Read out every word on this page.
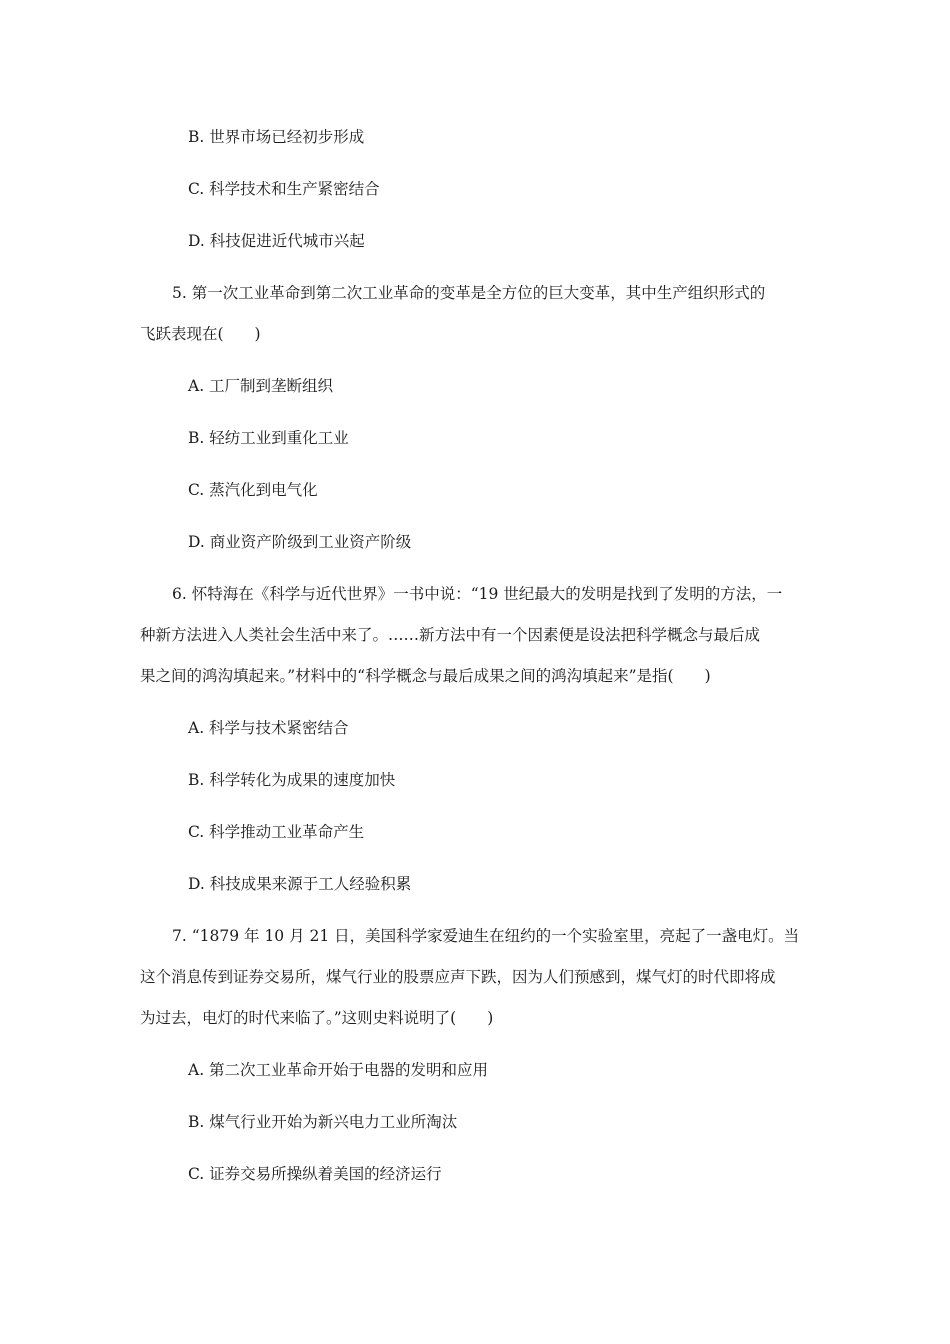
B. 世界市场已经初步形成
C. 科学技术和生产紧密结合
D. 科技促进近代城市兴起
5. 第一次工业革命到第二次工业革命的变革是全方位的巨大变革，其中生产组织形式的
飞跃表现在(　　)
A. 工厂制到垄断组织
B. 轻纺工业到重化工业
C. 蒸汽化到电气化
D. 商业资产阶级到工业资产阶级
6. 怀特海在《科学与近代世界》一书中说：“19 世纪最大的发明是找到了发明的方法，一
种新方法进入人类社会生活中来了。……新方法中有一个因素便是设法把科学概念与最后成
果之间的鸿沟填起来。”材料中的“科学概念与最后成果之间的鸿沟填起来”是指(　　)
A. 科学与技术紧密结合
B. 科学转化为成果的速度加快
C. 科学推动工业革命产生
D. 科技成果来源于工人经验积累
7. “1879 年 10 月 21 日，美国科学家爱迪生在纽约的一个实验室里，亮起了一盏电灯。当
这个消息传到证券交易所，煤气行业的股票应声下跌，因为人们预感到，煤气灯的时代即将成
为过去，电灯的时代来临了。”这则史料说明了(　　)
A. 第二次工业革命开始于电器的发明和应用
B. 煤气行业开始为新兴电力工业所淘汰
C. 证券交易所操纵着美国的经济运行
